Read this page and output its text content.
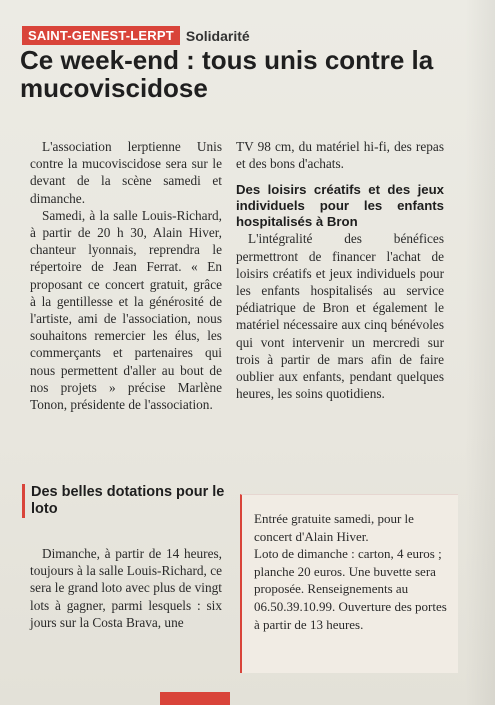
SAINT-GENEST-LERPT Solidarité
Ce week-end : tous unis contre la mucoviscidose

L'association lerptienne Unis contre la mucoviscidose sera sur le devant de la scène samedi et dimanche.

Samedi, à la salle Louis-Richard, à partir de 20 h 30, Alain Hiver, chanteur lyonnais, reprendra le répertoire de Jean Ferrat. « En proposant ce concert gratuit, grâce à la gentillesse et la générosité de l'artiste, ami de l'association, nous souhaitons remercier les élus, les commerçants et partenaires qui nous permettent d'aller au bout de nos projets » précise Marlène Tonon, présidente de l'association.

Des belles dotations pour le loto

Dimanche, à partir de 14 heures, toujours à la salle Louis-Richard, ce sera le grand loto avec plus de vingt lots à gagner, parmi lesquels : six jours sur la Costa Brava, une

TV 98 cm, du matériel hi-fi, des repas et des bons d'achats.

Des loisirs créatifs et des jeux individuels pour les enfants hospitalisés à Bron

L'intégralité des bénéfices permettront de financer l'achat de loisirs créatifs et jeux individuels pour les enfants hospitalisés au service pédiatrique de Bron et également le matériel nécessaire aux cinq bénévoles qui vont intervenir un mercredi sur trois à partir de mars afin de faire oublier aux enfants, pendant quelques heures, les soins quotidiens.

Entrée gratuite samedi, pour le concert d'Alain Hiver.

Loto de dimanche : carton, 4 euros ; planche 20 euros. Une buvette sera proposée. Renseignements au 06.50.39.10.99. Ouverture des portes à partir de 13 heures.
